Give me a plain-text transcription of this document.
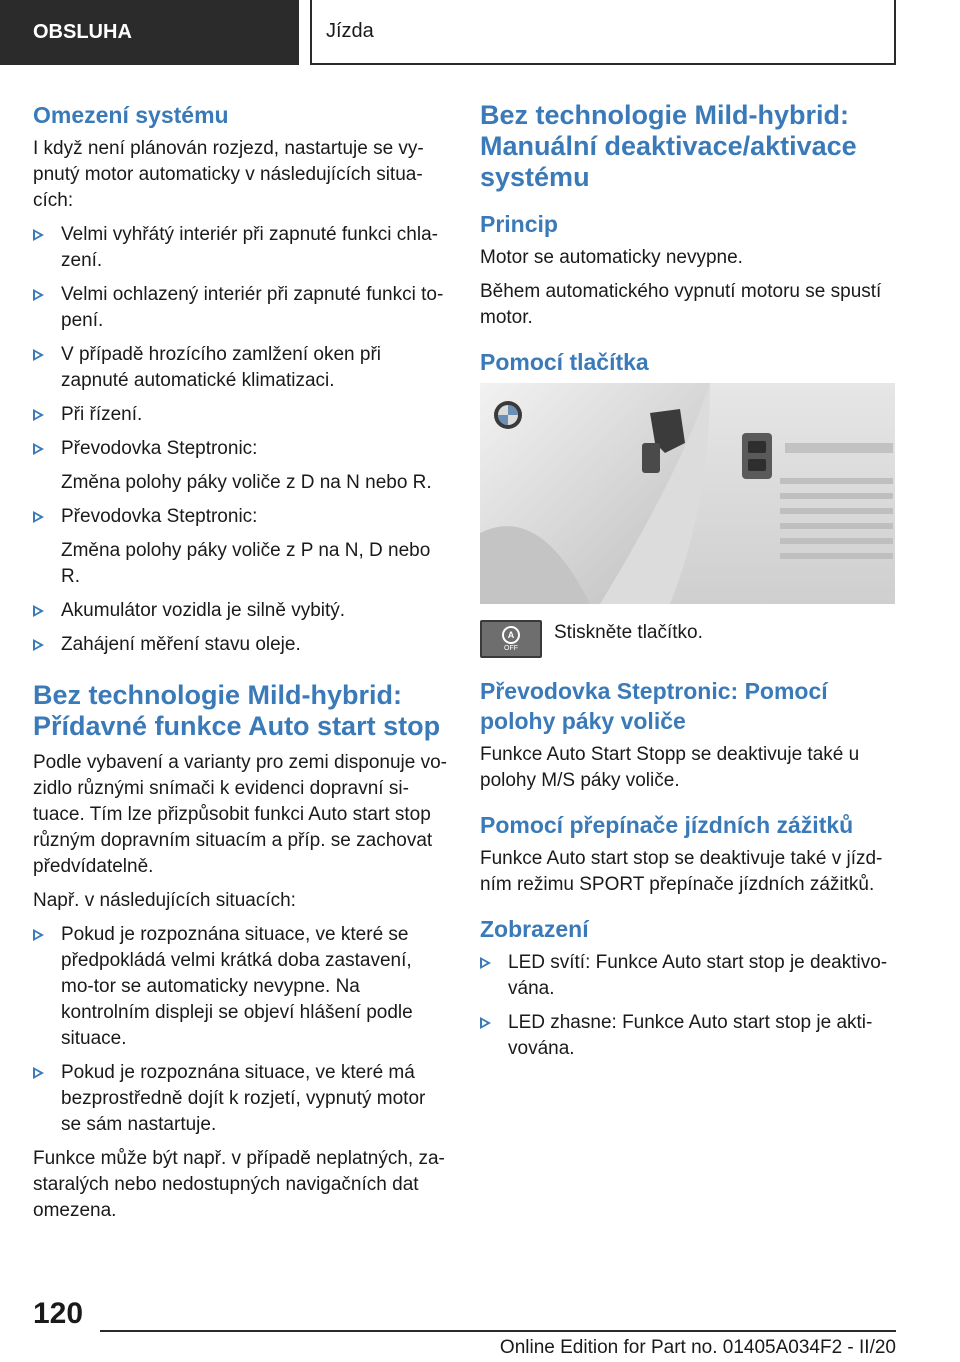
OBSLUHA	Jízda
Omezení systému

I když není plánován rozjezd, nastartuje se vy-pnutý motor automaticky v následujících situa-cích:

Velmi vyhřátý interiér při zapnuté funkci chla-zení.
Velmi ochlazený interiér při zapnuté funkci to-pení.
V případě hrozícího zamlžení oken při zapnuté automatické klimatizaci.
Při řízení.
Převodovka Steptronic:
Změna polohy páky voliče z D na N nebo R.
Převodovka Steptronic:
Změna polohy páky voliče z P na N, D nebo R.
Akumulátor vozidla je silně vybitý.
Zahájení měření stavu oleje.
Bez technologie Mild-hybrid: Přídavné funkce Auto start stop

Podle vybavení a varianty pro zemi disponuje vo-zidlo různými snímači k evidenci dopravní si-tuace. Tím lze přizpůsobit funkci Auto start stop různým dopravním situacím a příp. se zachovat předvídatelně.

Např. v následujících situacích:

Pokud je rozpoznána situace, ve které se předpokládá velmi krátká doba zastavení, mo-tor se automaticky nevypne. Na kontrolním displeji se objeví hlášení podle situace.
Pokud je rozpoznána situace, ve které má bezprostředně dojít k rozjetí, vypnutý motor se sám nastartuje.

Funkce může být např. v případě neplatných, za-staralých nebo nedostupných navigačních dat omezena.

Bez technologie Mild-hybrid: Manuální deaktivace/aktivace systému
Princip

Motor se automaticky nevypne.

Během automatického vypnutí motoru se spustí motor.

Pomocí tlačítka
A
OFF

Stiskněte tlačítko.

Převodovka Steptronic: Pomocí polohy páky voliče

Funkce Auto Start Stopp se deaktivuje také u polohy M/S páky voliče.

Pomocí přepínače jízdních zážitků

Funkce Auto start stop se deaktivuje také v jízd-ním režimu SPORT přepínače jízdních zážitků.

Zobrazení
LED svítí: Funkce Auto start stop je deaktivo-vána.
LED zhasne: Funkce Auto start stop je akti-vována.
120
Online Edition for Part no. 01405A034F2 - II/20
